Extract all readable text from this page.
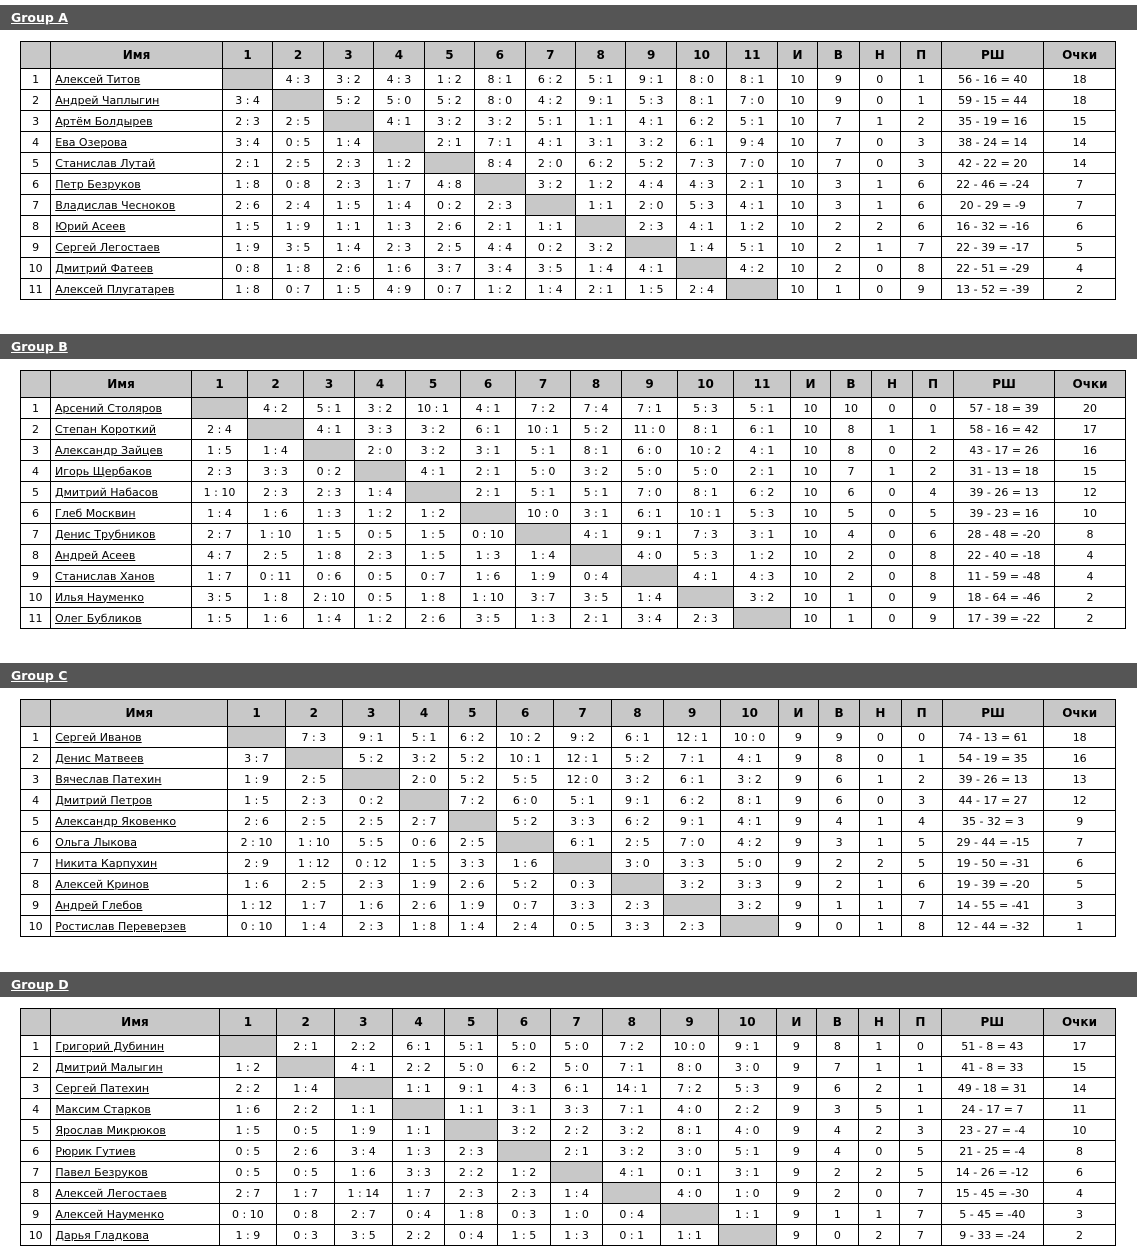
Group A
	Имя	1	2	3	4	5	6	7	8	9	10	11	И	В	Н	П	РШ	Очки
1	Алексей Титов		4 : 3	3 : 2	4 : 3	1 : 2	8 : 1	6 : 2	5 : 1	9 : 1	8 : 0	8 : 1	10	9	0	1	56 - 16 = 40	18
2	Андрей Чаплыгин	3 : 4		5 : 2	5 : 0	5 : 2	8 : 0	4 : 2	9 : 1	5 : 3	8 : 1	7 : 0	10	9	0	1	59 - 15 = 44	18
3	Артём Болдырев	2 : 3	2 : 5		4 : 1	3 : 2	3 : 2	5 : 1	1 : 1	4 : 1	6 : 2	5 : 1	10	7	1	2	35 - 19 = 16	15
4	Ева Озерова	3 : 4	0 : 5	1 : 4		2 : 1	7 : 1	4 : 1	3 : 1	3 : 2	6 : 1	9 : 4	10	7	0	3	38 - 24 = 14	14
5	Станислав Лутай	2 : 1	2 : 5	2 : 3	1 : 2		8 : 4	2 : 0	6 : 2	5 : 2	7 : 3	7 : 0	10	7	0	3	42 - 22 = 20	14
6	Петр Безруков	1 : 8	0 : 8	2 : 3	1 : 7	4 : 8		3 : 2	1 : 2	4 : 4	4 : 3	2 : 1	10	3	1	6	22 - 46 = -24	7
7	Владислав Чесноков	2 : 6	2 : 4	1 : 5	1 : 4	0 : 2	2 : 3		1 : 1	2 : 0	5 : 3	4 : 1	10	3	1	6	20 - 29 = -9	7
8	Юрий Асеев	1 : 5	1 : 9	1 : 1	1 : 3	2 : 6	2 : 1	1 : 1		2 : 3	4 : 1	1 : 2	10	2	2	6	16 - 32 = -16	6
9	Сергей Легостаев	1 : 9	3 : 5	1 : 4	2 : 3	2 : 5	4 : 4	0 : 2	3 : 2		1 : 4	5 : 1	10	2	1	7	22 - 39 = -17	5
10	Дмитрий Фатеев	0 : 8	1 : 8	2 : 6	1 : 6	3 : 7	3 : 4	3 : 5	1 : 4	4 : 1		4 : 2	10	2	0	8	22 - 51 = -29	4
11	Алексей Плугатарев	1 : 8	0 : 7	1 : 5	4 : 9	0 : 7	1 : 2	1 : 4	2 : 1	1 : 5	2 : 4		10	1	0	9	13 - 52 = -39	2
Group B
	Имя	1	2	3	4	5	6	7	8	9	10	11	И	В	Н	П	РШ	Очки
1	Арсений Столяров		4 : 2	5 : 1	3 : 2	10 : 1	4 : 1	7 : 2	7 : 4	7 : 1	5 : 3	5 : 1	10	10	0	0	57 - 18 = 39	20
2	Степан Короткий	2 : 4		4 : 1	3 : 3	3 : 2	6 : 1	10 : 1	5 : 2	11 : 0	8 : 1	6 : 1	10	8	1	1	58 - 16 = 42	17
3	Александр Зайцев	1 : 5	1 : 4		2 : 0	3 : 2	3 : 1	5 : 1	8 : 1	6 : 0	10 : 2	4 : 1	10	8	0	2	43 - 17 = 26	16
4	Игорь Щербаков	2 : 3	3 : 3	0 : 2		4 : 1	2 : 1	5 : 0	3 : 2	5 : 0	5 : 0	2 : 1	10	7	1	2	31 - 13 = 18	15
5	Дмитрий Набасов	1 : 10	2 : 3	2 : 3	1 : 4		2 : 1	5 : 1	5 : 1	7 : 0	8 : 1	6 : 2	10	6	0	4	39 - 26 = 13	12
6	Глеб Москвин	1 : 4	1 : 6	1 : 3	1 : 2	1 : 2		10 : 0	3 : 1	6 : 1	10 : 1	5 : 3	10	5	0	5	39 - 23 = 16	10
7	Денис Трубников	2 : 7	1 : 10	1 : 5	0 : 5	1 : 5	0 : 10		4 : 1	9 : 1	7 : 3	3 : 1	10	4	0	6	28 - 48 = -20	8
8	Андрей Асеев	4 : 7	2 : 5	1 : 8	2 : 3	1 : 5	1 : 3	1 : 4		4 : 0	5 : 3	1 : 2	10	2	0	8	22 - 40 = -18	4
9	Станислав Ханов	1 : 7	0 : 11	0 : 6	0 : 5	0 : 7	1 : 6	1 : 9	0 : 4		4 : 1	4 : 3	10	2	0	8	11 - 59 = -48	4
10	Илья Науменко	3 : 5	1 : 8	2 : 10	0 : 5	1 : 8	1 : 10	3 : 7	3 : 5	1 : 4		3 : 2	10	1	0	9	18 - 64 = -46	2
11	Олег Бубликов	1 : 5	1 : 6	1 : 4	1 : 2	2 : 6	3 : 5	1 : 3	2 : 1	3 : 4	2 : 3		10	1	0	9	17 - 39 = -22	2
Group C
	Имя	1	2	3	4	5	6	7	8	9	10	И	В	Н	П	РШ	Очки
1	Сергей Иванов		7 : 3	9 : 1	5 : 1	6 : 2	10 : 2	9 : 2	6 : 1	12 : 1	10 : 0	9	9	0	0	74 - 13 = 61	18
2	Денис Матвеев	3 : 7		5 : 2	3 : 2	5 : 2	10 : 1	12 : 1	5 : 2	7 : 1	4 : 1	9	8	0	1	54 - 19 = 35	16
3	Вячеслав Патехин	1 : 9	2 : 5		2 : 0	5 : 2	5 : 5	12 : 0	3 : 2	6 : 1	3 : 2	9	6	1	2	39 - 26 = 13	13
4	Дмитрий Петров	1 : 5	2 : 3	0 : 2		7 : 2	6 : 0	5 : 1	9 : 1	6 : 2	8 : 1	9	6	0	3	44 - 17 = 27	12
5	Александр Яковенко	2 : 6	2 : 5	2 : 5	2 : 7		5 : 2	3 : 3	6 : 2	9 : 1	4 : 1	9	4	1	4	35 - 32 = 3	9
6	Ольга Лыкова	2 : 10	1 : 10	5 : 5	0 : 6	2 : 5		6 : 1	2 : 5	7 : 0	4 : 2	9	3	1	5	29 - 44 = -15	7
7	Никита Карпухин	2 : 9	1 : 12	0 : 12	1 : 5	3 : 3	1 : 6		3 : 0	3 : 3	5 : 0	9	2	2	5	19 - 50 = -31	6
8	Алексей Кринов	1 : 6	2 : 5	2 : 3	1 : 9	2 : 6	5 : 2	0 : 3		3 : 2	3 : 3	9	2	1	6	19 - 39 = -20	5
9	Андрей Глебов	1 : 12	1 : 7	1 : 6	2 : 6	1 : 9	0 : 7	3 : 3	2 : 3		3 : 2	9	1	1	7	14 - 55 = -41	3
10	Ростислав Переверзев	0 : 10	1 : 4	2 : 3	1 : 8	1 : 4	2 : 4	0 : 5	3 : 3	2 : 3		9	0	1	8	12 - 44 = -32	1
Group D
	Имя	1	2	3	4	5	6	7	8	9	10	И	В	Н	П	РШ	Очки
1	Григорий Дубинин		2 : 1	2 : 2	6 : 1	5 : 1	5 : 0	5 : 0	7 : 2	10 : 0	9 : 1	9	8	1	0	51 - 8 = 43	17
2	Дмитрий Малыгин	1 : 2		4 : 1	2 : 2	5 : 0	6 : 2	5 : 0	7 : 1	8 : 0	3 : 0	9	7	1	1	41 - 8 = 33	15
3	Сергей Патехин	2 : 2	1 : 4		1 : 1	9 : 1	4 : 3	6 : 1	14 : 1	7 : 2	5 : 3	9	6	2	1	49 - 18 = 31	14
4	Максим Старков	1 : 6	2 : 2	1 : 1		1 : 1	3 : 1	3 : 3	7 : 1	4 : 0	2 : 2	9	3	5	1	24 - 17 = 7	11
5	Ярослав Микрюков	1 : 5	0 : 5	1 : 9	1 : 1		3 : 2	2 : 2	3 : 2	8 : 1	4 : 0	9	4	2	3	23 - 27 = -4	10
6	Рюрик Гутиев	0 : 5	2 : 6	3 : 4	1 : 3	2 : 3		2 : 1	3 : 2	3 : 0	5 : 1	9	4	0	5	21 - 25 = -4	8
7	Павел Безруков	0 : 5	0 : 5	1 : 6	3 : 3	2 : 2	1 : 2		4 : 1	0 : 1	3 : 1	9	2	2	5	14 - 26 = -12	6
8	Алексей Легостаев	2 : 7	1 : 7	1 : 14	1 : 7	2 : 3	2 : 3	1 : 4		4 : 0	1 : 0	9	2	0	7	15 - 45 = -30	4
9	Алексей Науменко	0 : 10	0 : 8	2 : 7	0 : 4	1 : 8	0 : 3	1 : 0	0 : 4		1 : 1	9	1	1	7	5 - 45 = -40	3
10	Дарья Гладкова	1 : 9	0 : 3	3 : 5	2 : 2	0 : 4	1 : 5	1 : 3	0 : 1	1 : 1		9	0	2	7	9 - 33 = -24	2
